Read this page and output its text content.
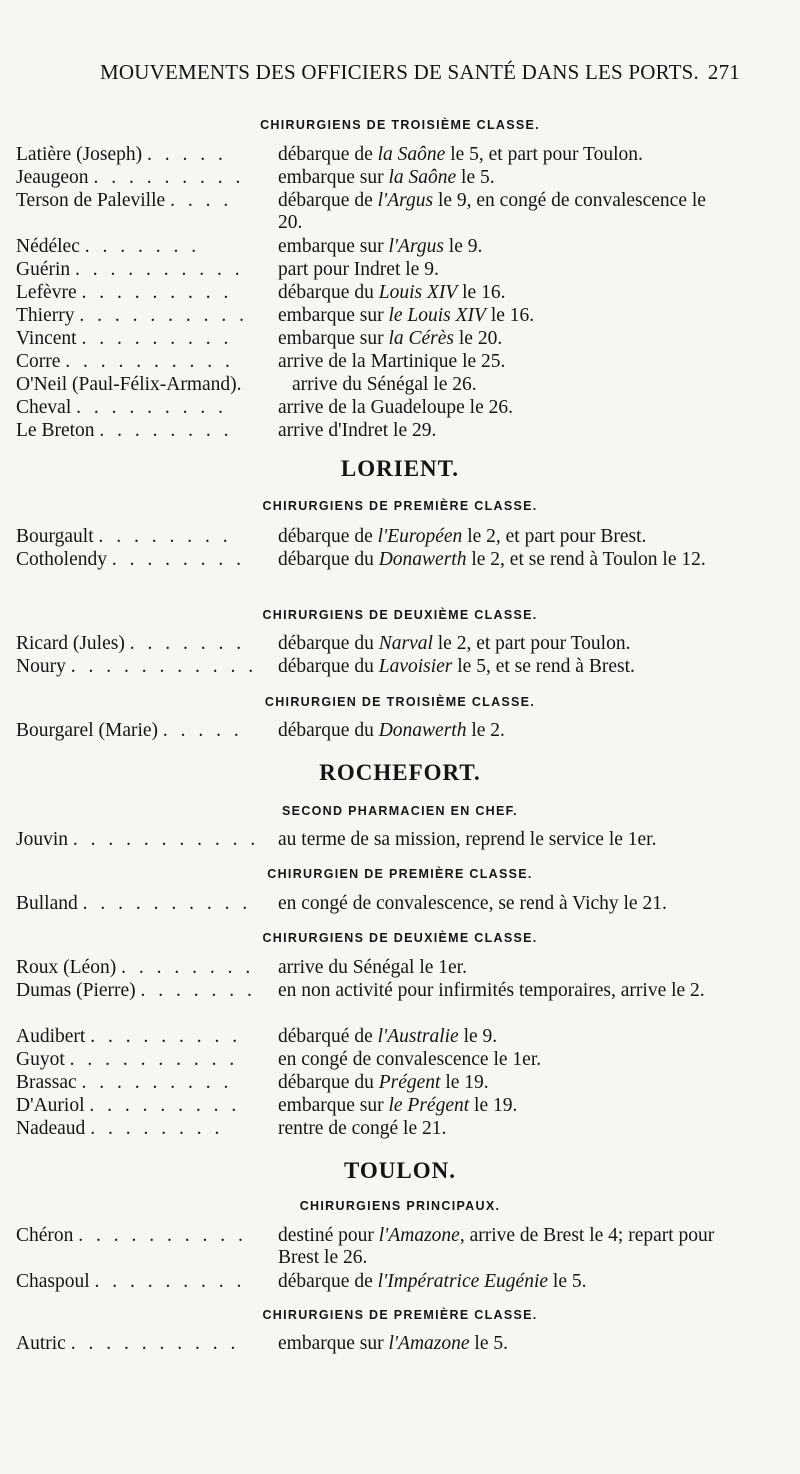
MOUVEMENTS DES OFFICIERS DE SANTÉ DANS LES PORTS. 271
CHIRURGIENS DE TROISIÈME CLASSE.
Latière (Joseph) . . . . .	débarque de la Saône le 5, et part pour Toulon.
Jeaugeon . . . . . . . . . embarque sur la Saône le 5.
Terson de Paleville . . . . débarque de l'Argus le 9, en congé de convalescence le 20.
Nédélec . . . . . . .	embarque sur l'Argus le 9.
Guérin . . . . . . . . . . part pour Indret le 9.
Lefèvre . . . . . . . . . débarque du Louis XIV le 16.
Thierry . . . . . . . . . . embarque sur le Louis XIV le 16.
Vincent . . . . . . . . . embarque sur la Cérès le 20.
Corre . . . . . . . . . . arrive de la Martinique le 25.
O'Neil (Paul-Félix-Armand).	arrive du Sénégal le 26.
Cheval . . . . . . . . .	arrive de la Guadeloupe le 26.
Le Breton . . . . . . . . arrive d'Indret le 29.
LORIENT.
CHIRURGIENS DE PREMIÈRE CLASSE.
Bourgault . . . . . . . . débarque de l'Européen le 2, et part pour Brest.
Cotholendy . . . . . . . . débarque du Donawerth le 2, et se rend à Toulon le 12.
CHIRURGIENS DE DEUXIÈME CLASSE.
Ricard (Jules) . . . . . . . débarque du Narval le 2, et part pour Toulon.
Noury . . . . . . . . . . . débarque du Lavoisier le 5, et se rend à Brest.
CHIRURGIEN DE TROISIÈME CLASSE.
Bourgarel (Marie) . . . . . débarque du Donawerth le 2.
ROCHEFORT.
SECOND PHARMACIEN EN CHEF.
Jouvin . . . . . . . . . . . au terme de sa mission, reprend le service le 1er.
CHIRURGIEN DE PREMIÈRE CLASSE.
Bulland . . . . . . . . . . en congé de convalescence, se rend à Vichy le 21.
CHIRURGIENS DE DEUXIÈME CLASSE.
Roux (Léon) . . . . . . . . arrive du Sénégal le 1er.
Dumas (Pierre) . . . . . . . en non activité pour infirmités temporaires, arrive le 2.
Audibert . . . . . . . . . débarqué de l'Australie le 9.
Guyot . . . . . . . . . . en congé de convalescence le 1er.
Brassac . . . . . . . . . débarque du Prégent le 19.
D'Auriol . . . . . . . . . embarque sur le Prégent le 19.
Nadeaud . . . . . . . .	rentre de congé le 21.
TOULON.
CHIRURGIENS PRINCIPAUX.
Chéron . . . . . . . . . . destiné pour l'Amazone, arrive de Brest le 4; repart pour Brest le 26.
Chaspoul . . . . . . . . . débarque de l'Impératrice Eugénie le 5.
CHIRURGIENS DE PREMIÈRE CLASSE.
Autric . . . . . . . . . . embarque sur l'Amazone le 5.
